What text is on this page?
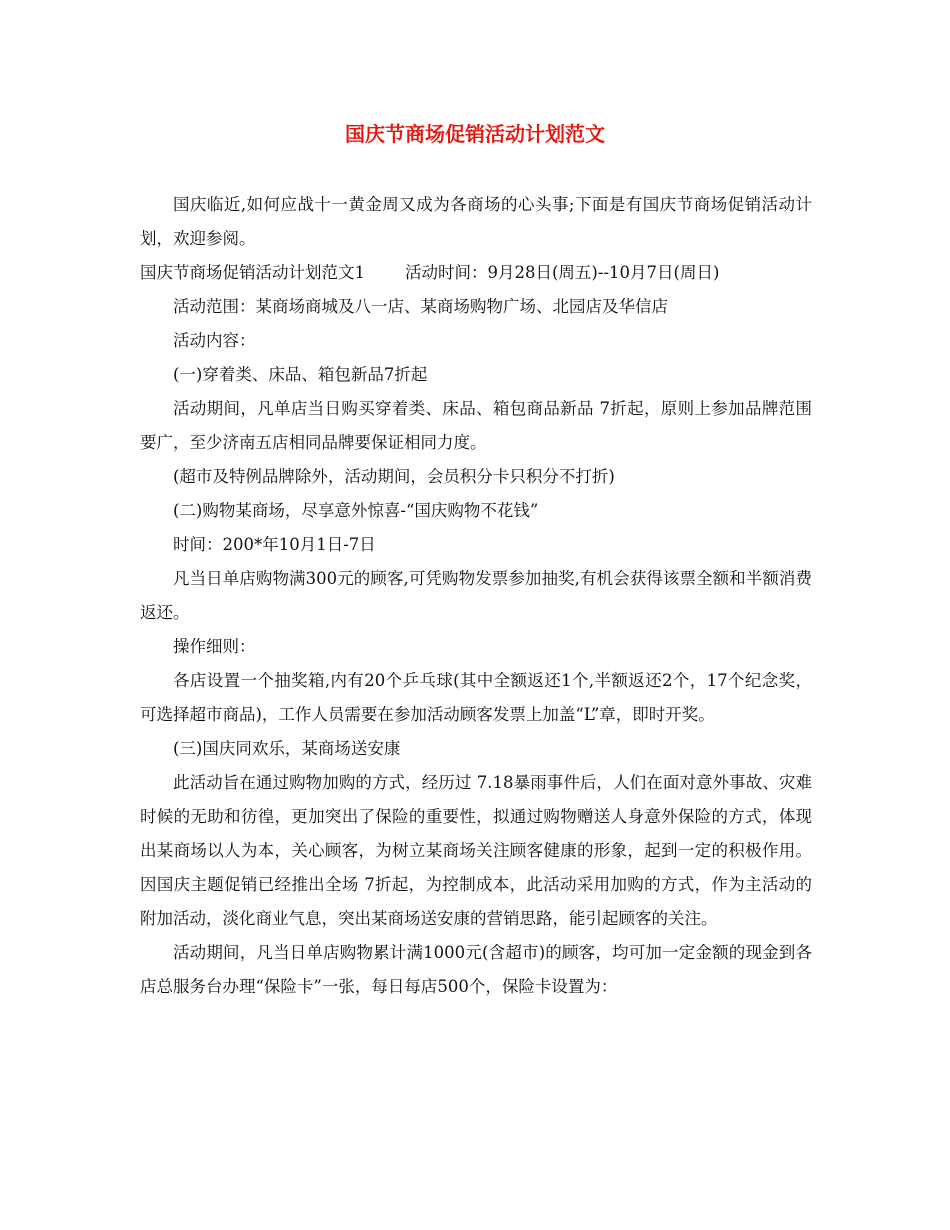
国庆节商场促销活动计划范文

国庆临近,如何应战十一黄金周又成为各商场的心头事;下面是有国庆节商场促销活动计划，欢迎参阅。

国庆节商场促销活动计划范文1 活动时间：9月28日(周五)--10月7日(周日)

活动范围：某商场商城及八一店、某商场购物广场、北园店及华信店

活动内容：

(一)穿着类、床品、箱包新品7折起

活动期间，凡单店当日购买穿着类、床品、箱包商品新品 7折起，原则上参加品牌范围要广，至少济南五店相同品牌要保证相同力度。

(超市及特例品牌除外，活动期间，会员积分卡只积分不打折)

(二)购物某商场，尽享意外惊喜-“国庆购物不花钱”

时间：200*年10月1日-7日

凡当日单店购物满300元的顾客,可凭购物发票参加抽奖,有机会获得该票全额和半额消费返还。

操作细则：

各店设置一个抽奖箱,内有20个乒乓球(其中全额返还1个,半额返还2个，17个纪念奖，可选择超市商品)，工作人员需要在参加活动顾客发票上加盖“L”章，即时开奖。

(三)国庆同欢乐，某商场送安康

此活动旨在通过购物加购的方式，经历过 7.18暴雨事件后，人们在面对意外事故、灾难时候的无助和彷徨，更加突出了保险的重要性，拟通过购物赠送人身意外保险的方式，体现出某商场以人为本，关心顾客，为树立某商场关注顾客健康的形象，起到一定的积极作用。因国庆主题促销已经推出全场 7折起，为控制成本，此活动采用加购的方式，作为主活动的附加活动，淡化商业气息，突出某商场送安康的营销思路，能引起顾客的关注。

活动期间，凡当日单店购物累计满1000元(含超市)的顾客，均可加一定金额的现金到各店总服务台办理“保险卡”一张，每日每店500个，保险卡设置为：
